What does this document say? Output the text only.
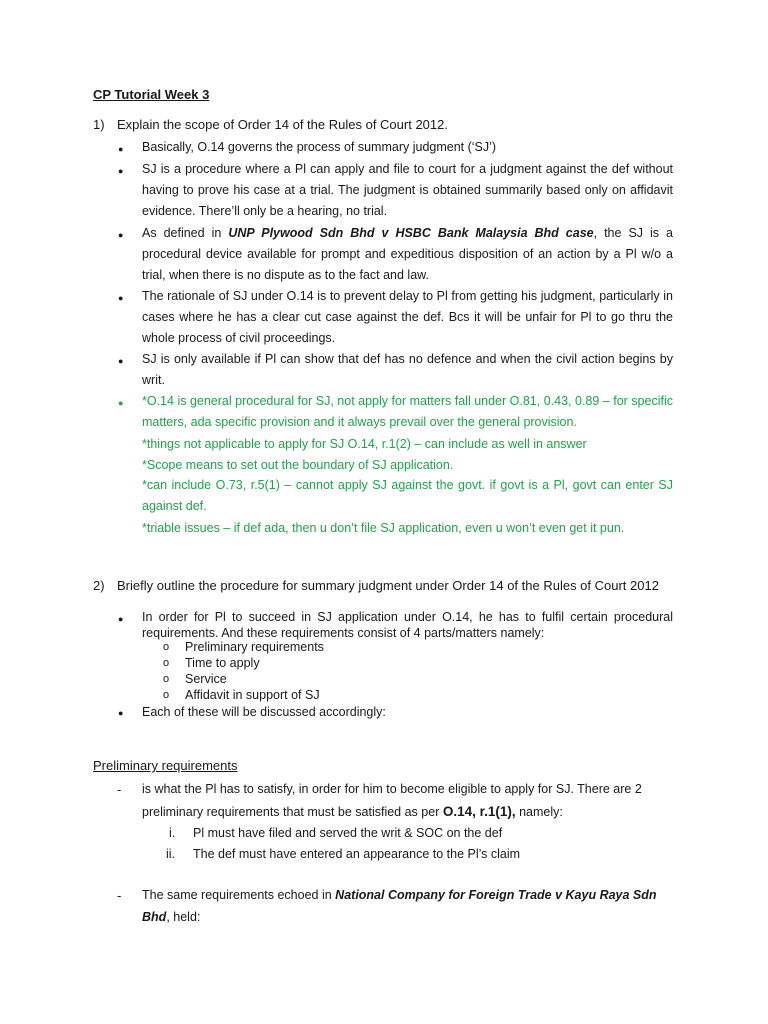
CP Tutorial Week 3
1) Explain the scope of Order 14 of the Rules of Court 2012.
● Basically, O.14 governs the process of summary judgment (‘SJ’)

● SJ is a procedure where a Pl can apply and file to court for a judgment against the def without having to prove his case at a trial. The judgment is obtained summarily based only on affidavit evidence. There’ll only be a hearing, no trial.

● As defined in UNP Plywood Sdn Bhd v HSBC Bank Malaysia Bhd case, the SJ is a procedural device available for prompt and expeditious disposition of an action by a Pl w/o a trial, when there is no dispute as to the fact and law.

● The rationale of SJ under O.14 is to prevent delay to Pl from getting his judgment, particularly in cases where he has a clear cut case against the def. Bcs it will be unfair for Pl to go thru the whole process of civil proceedings.

● SJ is only available if Pl can show that def has no defence and when the civil action begins by writ.

● *O.14 is general procedural for SJ, not apply for matters fall under O.81, 0.43, 0.89 – for specific matters, ada specific provision and it always prevail over the general provision.

*things not applicable to apply for SJ O.14, r.1(2) – can include as well in answer
*Scope means to set out the boundary of SJ application.

*can include O.73, r.5(1) – cannot apply SJ against the govt. if govt is a Pl, govt can enter SJ against def.

*triable issues – if def ada, then u don’t file SJ application, even u won’t even get it pun.
2) Briefly outline the procedure for summary judgment under Order 14 of the Rules of Court 2012
● In order for Pl to succeed in SJ application under O.14, he has to fulfil certain procedural requirements. And these requirements consist of 4 parts/matters namely:

o Preliminary requirements
o Time to apply
o Service
o Affidavit in support of SJ
● Each of these will be discussed accordingly:
Preliminary requirements
- is what the Pl has to satisfy, in order for him to become eligible to apply for SJ. There are 2
preliminary requirements that must be satisfied as per O.14, r.1(1), namely:
i. Pl must have filed and served the writ & SOC on the def
ii. The def must have entered an appearance to the Pl’s claim
- The same requirements echoed in National Company for Foreign Trade v Kayu Raya Sdn
Bhd, held:
